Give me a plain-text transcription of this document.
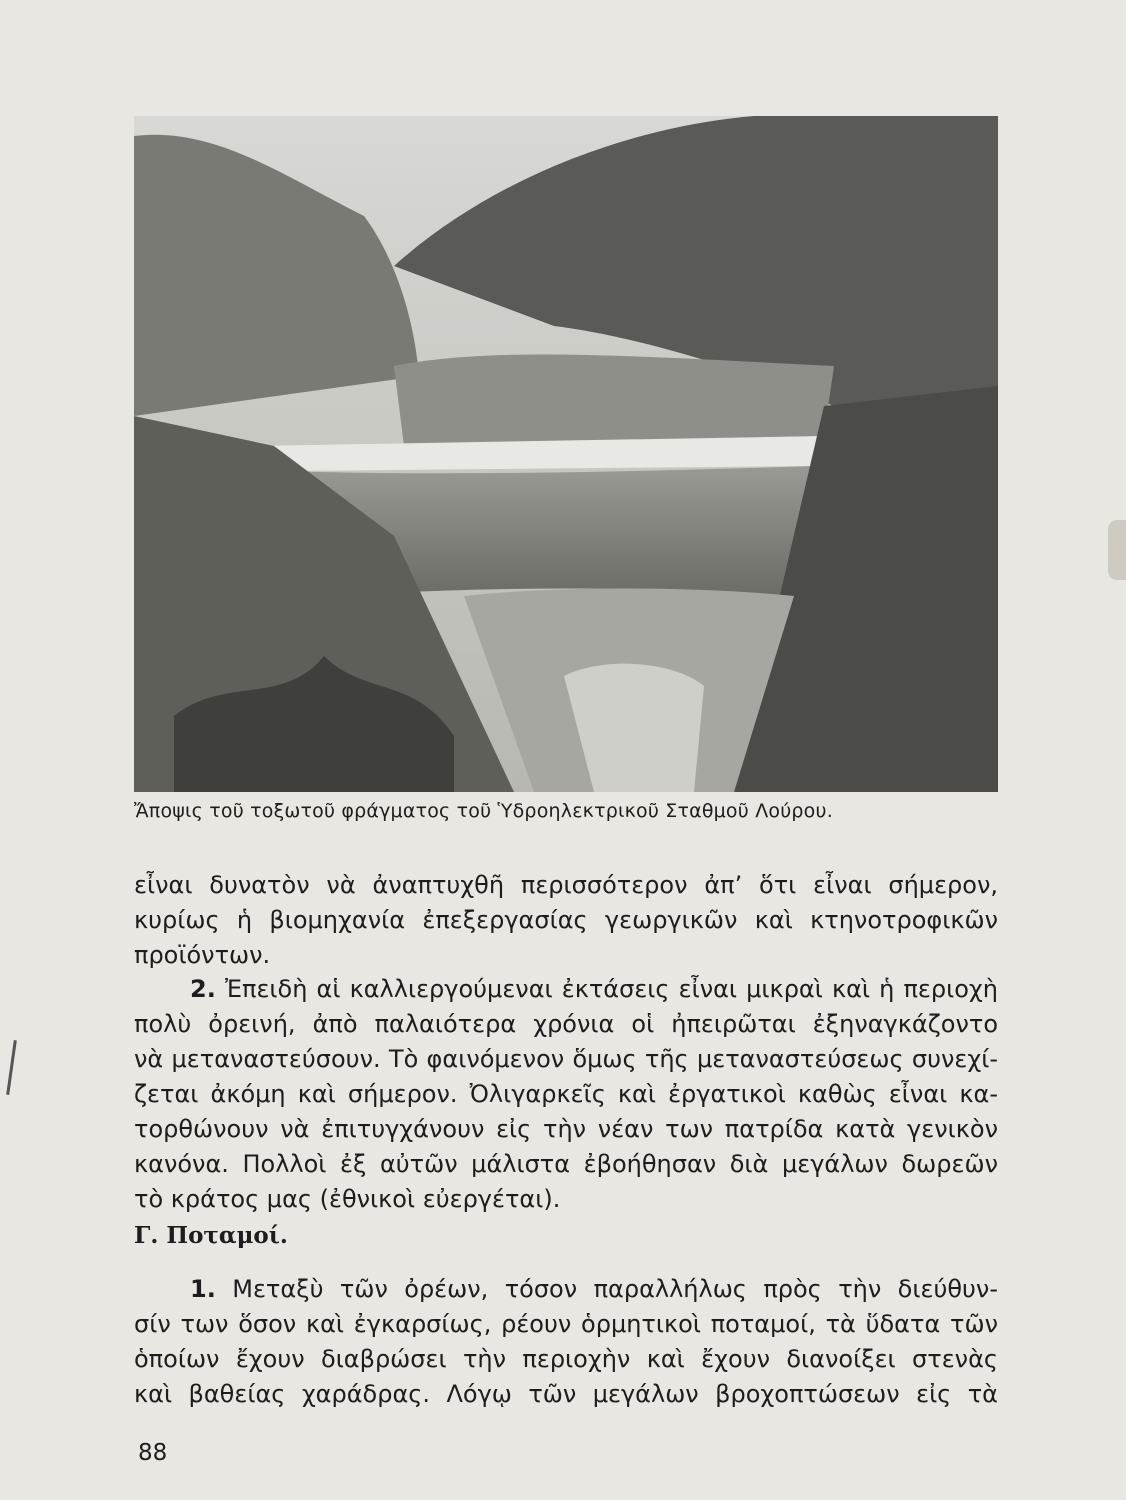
Ἄποψις τοῦ τοξωτοῦ φράγματος τοῦ Ὑδροηλεκτρικοῦ Σταθμοῦ Λούρου.
εἶναι δυνατὸν νὰ ἀναπτυχθῆ περισσότερον ἀπ’ ὅτι εἶναι σήμερον,
κυρίως ἡ βιομηχανία ἐπεξεργασίας γεωργικῶν καὶ κτηνοτροφικῶν
προϊόντων.
2. Ἐπειδὴ αἱ καλλιεργούμεναι ἐκτάσεις εἶναι μικραὶ καὶ ἡ περιοχὴ
πολὺ ὀρεινή, ἀπὸ παλαιότερα χρόνια οἱ ἠπειρῶται ἐξηναγκάζοντο
νὰ μεταναστεύσουν. Τὸ φαινόμενον ὅμως τῆς μεταναστεύσεως συνεχί-
ζεται ἀκόμη καὶ σήμερον. Ὀλιγαρκεῖς καὶ ἐργατικοὶ καθὼς εἶναι κα-
τορθώνουν νὰ ἐπιτυγχάνουν εἰς τὴν νέαν των πατρίδα κατὰ γενικὸν
κανόνα. Πολλοὶ ἐξ αὐτῶν μάλιστα ἐβοήθησαν διὰ μεγάλων δωρεῶν
τὸ κράτος μας (ἐθνικοὶ εὐεργέται).
Γ. Ποταμοί.
1. Μεταξὺ τῶν ὀρέων, τόσον παραλλήλως πρὸς τὴν διεύθυν-
σίν των ὅσον καὶ ἐγκαρσίως, ρέουν ὁρμητικοὶ ποταμοί, τὰ ὕδατα τῶν
ὁποίων ἔχουν διαβρώσει τὴν περιοχὴν καὶ ἔχουν διανοίξει στενὰς
καὶ βαθείας χαράδρας. Λόγῳ τῶν μεγάλων βροχοπτώσεων εἰς τὰ
88
